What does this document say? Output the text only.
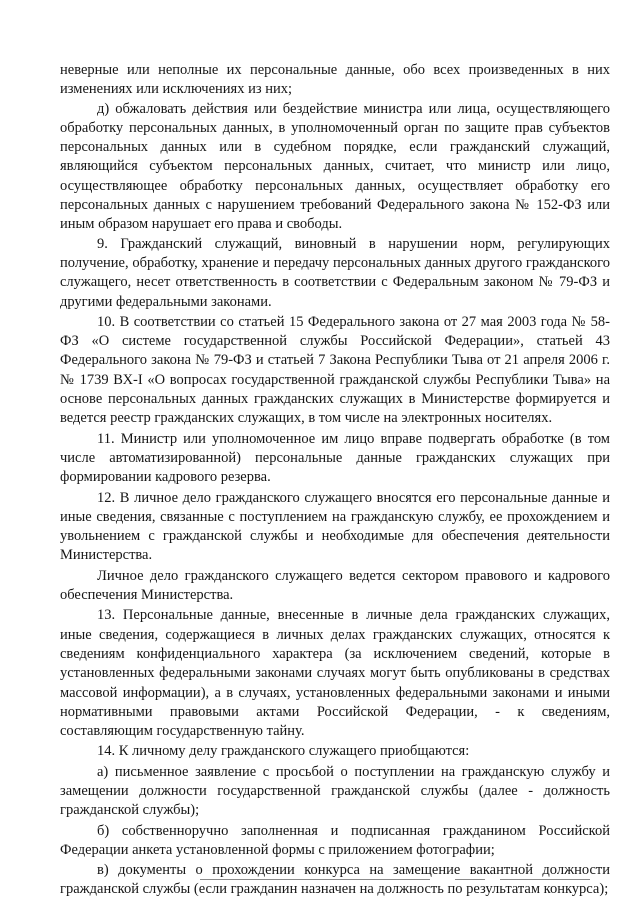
неверные или неполные их персональные данные, обо всех произведенных в них изменениях или исключениях из них;

д) обжаловать действия или бездействие министра или лица, осуществляющего обработку персональных данных, в уполномоченный орган по защите прав субъектов персональных данных или в судебном порядке, если гражданский служащий, являющийся субъектом персональных данных, считает, что министр или лицо, осуществляющее обработку персональных данных, осуществляет обработку его персональных данных с нарушением требований Федерального закона № 152-ФЗ или иным образом нарушает его права и свободы.

9. Гражданский служащий, виновный в нарушении норм, регулирующих получение, обработку, хранение и передачу персональных данных другого гражданского служащего, несет ответственность в соответствии с Федеральным законом № 79-ФЗ и другими федеральными законами.

10. В соответствии со статьей 15 Федерального закона от 27 мая 2003 года № 58-ФЗ «О системе государственной службы Российской Федерации», статьей 43 Федерального закона № 79-ФЗ и статьей 7 Закона Республики Тыва от 21 апреля 2006 г. № 1739 ВХ-I «О вопросах государственной гражданской службы Республики Тыва» на основе персональных данных гражданских служащих в Министерстве формируется и ведется реестр гражданских служащих, в том числе на электронных носителях.

11. Министр или уполномоченное им лицо вправе подвергать обработке (в том числе автоматизированной) персональные данные гражданских служащих при формировании кадрового резерва.

12. В личное дело гражданского служащего вносятся его персональные данные и иные сведения, связанные с поступлением на гражданскую службу, ее прохождением и увольнением с гражданской службы и необходимые для обеспечения деятельности Министерства.

Личное дело гражданского служащего ведется сектором правового и кадрового обеспечения Министерства.

13. Персональные данные, внесенные в личные дела гражданских служащих, иные сведения, содержащиеся в личных делах гражданских служащих, относятся к сведениям конфиденциального характера (за исключением сведений, которые в установленных федеральными законами случаях могут быть опубликованы в средствах массовой информации), а в случаях, установленных федеральными законами и иными нормативными правовыми актами Российской Федерации, - к сведениям, составляющим государственную тайну.

14. К личному делу гражданского служащего приобщаются:

а) письменное заявление с просьбой о поступлении на гражданскую службу и замещении должности государственной гражданской службы (далее - должность гражданской службы);

б) собственноручно заполненная и подписанная гражданином Российской Федерации анкета установленной формы с приложением фотографии;

в) документы о прохождении конкурса на замещение вакантной должности гражданской службы (если гражданин назначен на должность по результатам конкурса);
